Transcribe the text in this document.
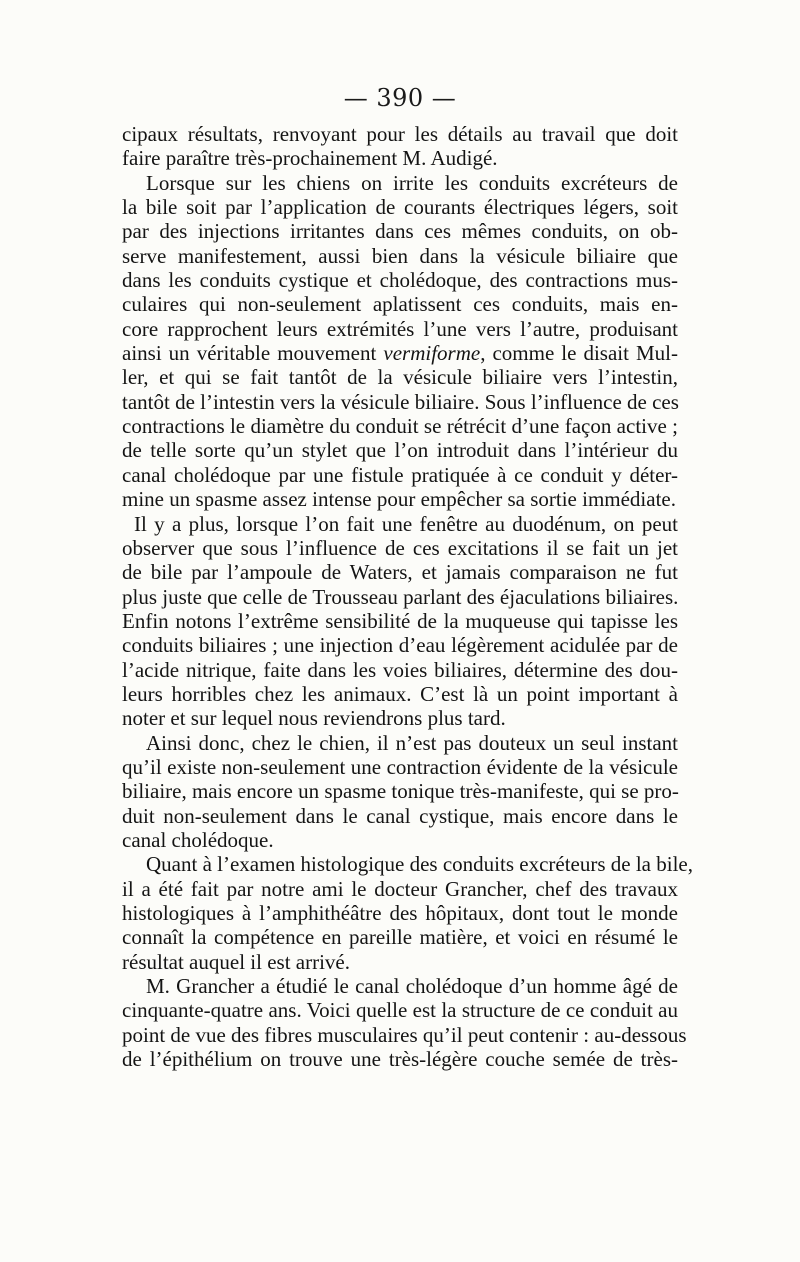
— 390 —
cipaux résultats, renvoyant pour les détails au travail que doit
faire paraître très-prochainement M. Audigé.
Lorsque sur les chiens on irrite les conduits excréteurs de
la bile soit par l’application de courants électriques légers, soit
par des injections irritantes dans ces mêmes conduits, on ob-
serve manifestement, aussi bien dans la vésicule biliaire que
dans les conduits cystique et cholédoque, des contractions mus-
culaires qui non-seulement aplatissent ces conduits, mais en-
core rapprochent leurs extrémités l’une vers l’autre, produisant
ainsi un véritable mouvement vermiforme, comme le disait Mul-
ler, et qui se fait tantôt de la vésicule biliaire vers l’intestin,
tantôt de l’intestin vers la vésicule biliaire. Sous l’influence de ces
contractions le diamètre du conduit se rétrécit d’une façon active ;
de telle sorte qu’un stylet que l’on introduit dans l’intérieur du
canal cholédoque par une fistule pratiquée à ce conduit y déter-
mine un spasme assez intense pour empêcher sa sortie immédiate.
Il y a plus, lorsque l’on fait une fenêtre au duodénum, on peut
observer que sous l’influence de ces excitations il se fait un jet
de bile par l’ampoule de Waters, et jamais comparaison ne fut
plus juste que celle de Trousseau parlant des éjaculations biliaires.
Enfin notons l’extrême sensibilité de la muqueuse qui tapisse les
conduits biliaires ; une injection d’eau légèrement acidulée par de
l’acide nitrique, faite dans les voies biliaires, détermine des dou-
leurs horribles chez les animaux. C’est là un point important à
noter et sur lequel nous reviendrons plus tard.
Ainsi donc, chez le chien, il n’est pas douteux un seul instant
qu’il existe non-seulement une contraction évidente de la vésicule
biliaire, mais encore un spasme tonique très-manifeste, qui se pro-
duit non-seulement dans le canal cystique, mais encore dans le
canal cholédoque.
Quant à l’examen histologique des conduits excréteurs de la bile,
il a été fait par notre ami le docteur Grancher, chef des travaux
histologiques à l’amphithéâtre des hôpitaux, dont tout le monde
connaît la compétence en pareille matière, et voici en résumé le
résultat auquel il est arrivé.
M. Grancher a étudié le canal cholédoque d’un homme âgé de
cinquante-quatre ans. Voici quelle est la structure de ce conduit au
point de vue des fibres musculaires qu’il peut contenir : au-dessous
de l’épithélium on trouve une très-légère couche semée de très-
